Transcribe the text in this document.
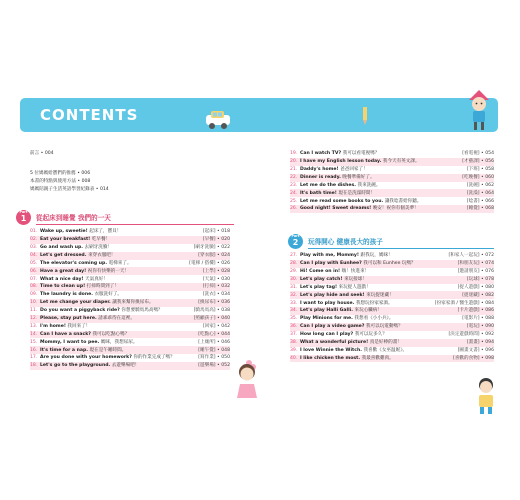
CONTENTS
前言 • 004
5 位媽媽給寶們的推薦 • 006
本書的特點與使用方法 • 008
媽媽陪親子生活英語學習紀錄表 • 014
Part
1	從起床到睡覺 我們的一天
01. Wake up, sweetie! 起床了，寶貝！	[起床] • 018
02. Eat your breakfast! 吃早餐！	[早餐] • 020
03. Go and wash up. 去刷牙洗臉！	[刷牙洗臉] • 022
04. Let's get dressed. 來穿衣服吧！	[穿衣服] • 024
05. The elevator's coming up. 電梯來了。	[電梯 / 搭樓] • 026
06. Have a great day! 祝你有快樂的一天！	[上學] • 028
07. What a nice day! 天氣真好！	[天氣] • 030
08. Time to clean up! 打掃時間到了！	[打掃] • 032
09. The laundry is done. 衣服洗好了。	[洗衣] • 034
10. Let me change your diaper. 讓我來幫你換尿布。	[換尿布] • 036
11. Do you want a piggyback ride? 你想要騎馬馬高嗎？	[騎馬馬高] • 038
12. Please, stay put here. 請乖乖待在這裡。	[照顧孩子] • 040
13. I'm home! 我回來了！	[回家] • 042
14. Can I have a snack? 我可以吃點心嗎？	[吃點心] • 044
15. Mommy, I want to pee. 媽咪，我想尿尿。	[上廁所] • 046
16. It's time for a nap. 現在是午睡時間。	[睡午覺] • 048
17. Are you done with your homework? 你的作業完成了嗎？	[寫作業] • 050
18. Let's go to the playground. 去遊樂場吧！	[遊樂場] • 052
19. Can I watch TV? 我可以看電視嗎？	[看電視] • 054
20. I have my English lesson today. 我今天有英文課。	[才藝課] • 056
21. Daddy's home! 爸爸回家了！	[下班] • 058
22. Dinner is ready. 晚餐準備好了。	[吃晚餐] • 060
23. Let me do the dishes. 我來洗碗。	[洗碗] • 062
24. It's bath time! 現在是洗澡時間！	[洗澡] • 064
25. Let me read some books to you. 讓我唸書給你聽。	[唸書] • 066
26. Good night! Sweet dreams! 晚安！祝你有個美夢！	[睡覺] • 068
Part
2	玩得開心 健康長大的孩子
27. Play with me, Mommy! 跟我玩，媽咪！	[和家人一起玩] • 072
28. Can I play with Eunhee? 我可以和 Eunhee 玩嗎？	[和朋友玩] • 074
29. Hi! Come on in! 嗨！快進來！	[邀請朋友] • 076
30. Let's play catch! 來玩接球！	[玩球] • 078
31. Let's play tag! 來玩捉人遊戲！	[捉人遊戲] • 080
32. Let's play hide and seek! 來玩捉迷藏！	[捉迷藏] • 082
33. I want to play house. 我想玩扮家家酒。	[扮家家酒 / 醫生遊戲] • 084
34. Let's play Halli Galli. 來玩心臟病！	[卡片遊戲] • 086
35. Play Minions for me. 我想看《小小兵》。	[電影片] • 088
36. Can I play a video game? 我可以玩電動嗎？	[電玩] • 090
37. How long can I play? 我可以玩多久？	[決定遊戲時間] • 092
38. What a wonderful picture! 真是好棒的畫！	[畫畫] • 094
39. I love Winnie the Witch. 我喜歡《女巫温妮》。	[圖畫文書] • 096
40. I like chicken the most. 我最喜歡雞肉。	[喜歡的食物] • 098
